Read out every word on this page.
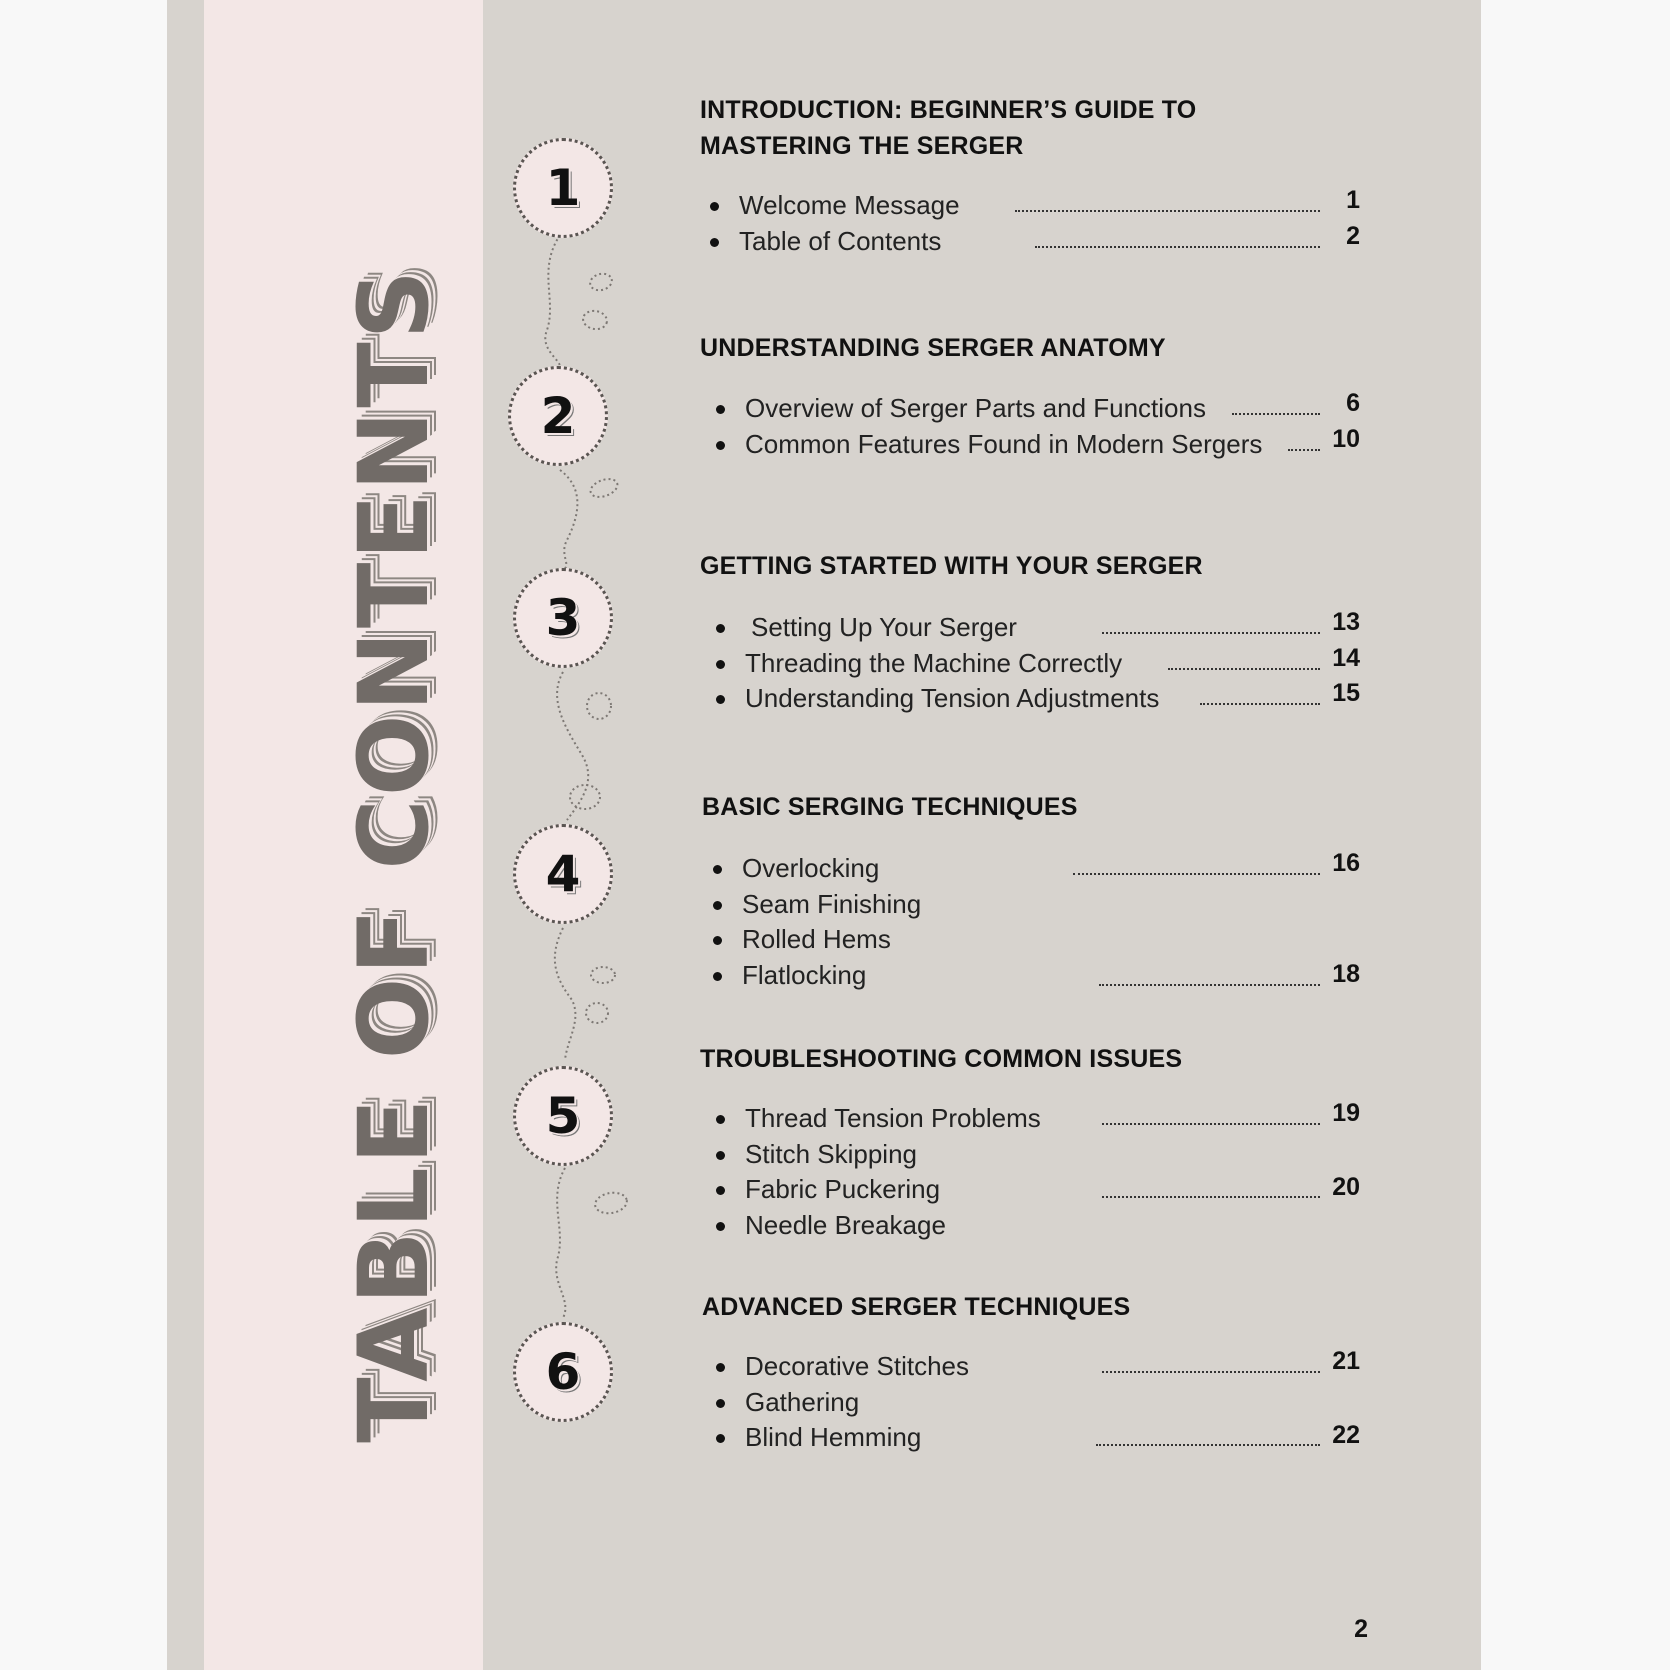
TABLE OF CONTENTS
1
2
3
4
5
6
INTRODUCTION: BEGINNER’S GUIDE TO MASTERING THE SERGER
Welcome Message	1
Table of Contents	2
UNDERSTANDING SERGER ANATOMY
Overview of Serger Parts and Functions	6
Common Features Found in Modern Sergers	10
GETTING STARTED WITH YOUR SERGER
Setting Up Your Serger	13
Threading the Machine Correctly	14
Understanding Tension Adjustments	15
BASIC SERGING TECHNIQUES
Overlocking	16
Seam Finishing
Rolled Hems
Flatlocking	18
TROUBLESHOOTING COMMON ISSUES
Thread Tension Problems	19
Stitch Skipping
Fabric Puckering	20
Needle Breakage
ADVANCED SERGER TECHNIQUES
Decorative Stitches	21
Gathering
Blind Hemming	22
2
